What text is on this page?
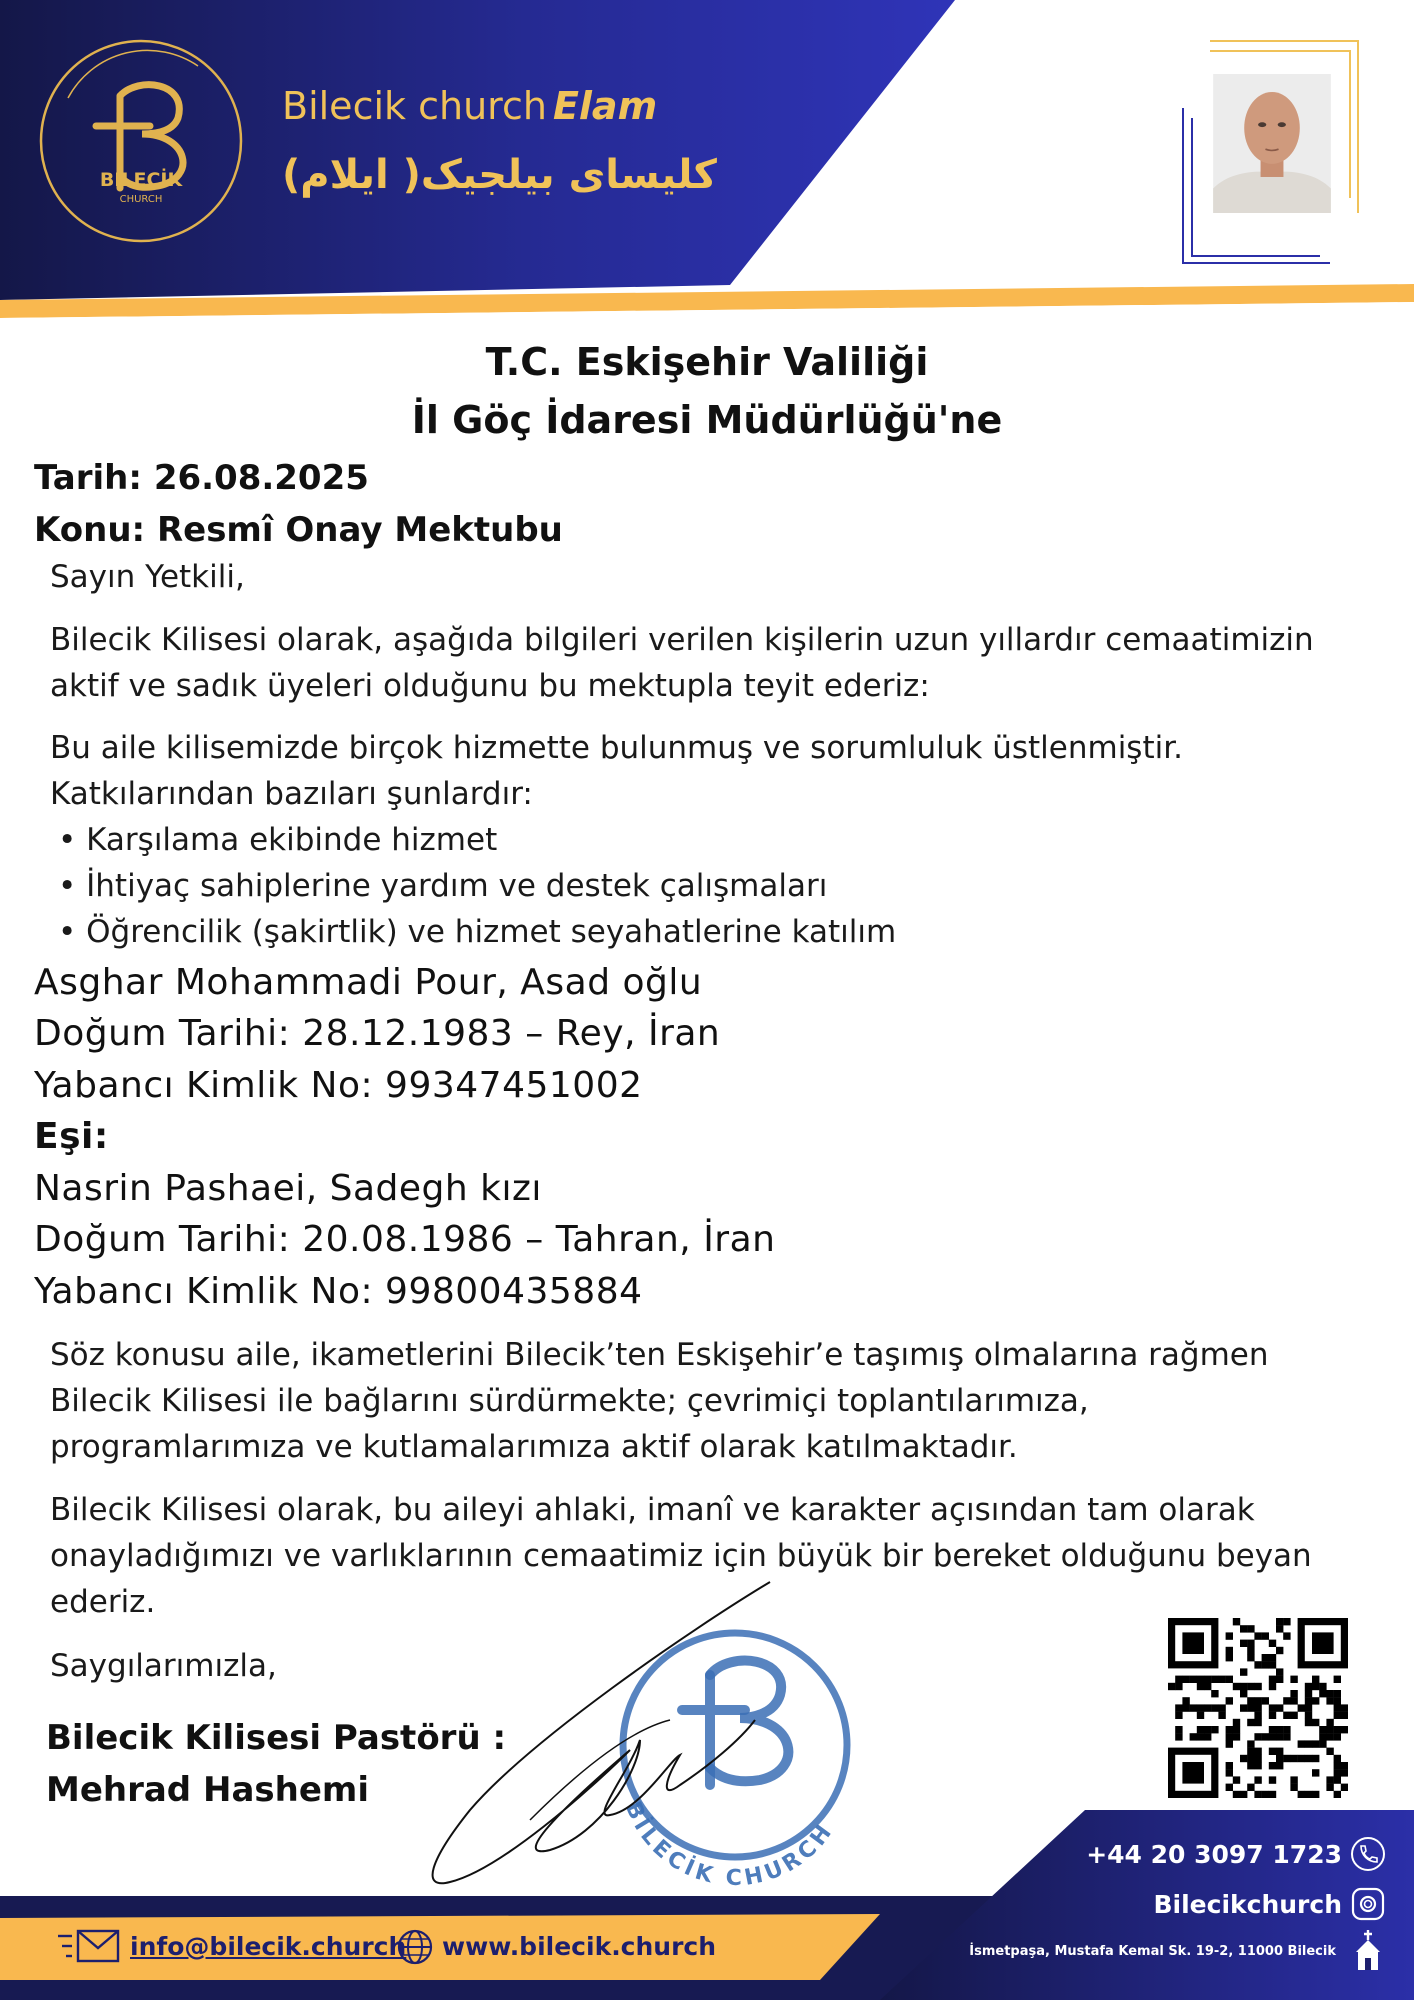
BİLECİK
CHURCH
Bilecik church Elam
کلیسای بیلجیک( ایلام)
T.C. Eskişehir Valiliği
İl Göç İdaresi Müdürlüğü'ne
Tarih: 26.08.2025
Konu: Resmî Onay Mektubu
Sayın Yetkili,

Bilecik Kilisesi olarak, aşağıda bilgileri verilen kişilerin uzun yıllardır cemaatimizin

aktif ve sadık üyeleri olduğunu bu mektupla teyit ederiz:

Bu aile kilisemizde birçok hizmette bulunmuş ve sorumluluk üstlenmiştir.

Katkılarından bazıları şunlardır:

• Karşılama ekibinde hizmet
• İhtiyaç sahiplerine yardım ve destek çalışmaları
• Öğrencilik (şakirtlik) ve hizmet seyahatlerine katılım
Asghar Mohammadi Pour, Asad oğlu
Doğum Tarihi: 28.12.1983 – Rey, İran
Yabancı Kimlik No: 99347451002
Eşi:
Nasrin Pashaei, Sadegh kızı
Doğum Tarihi: 20.08.1986 – Tahran, İran
Yabancı Kimlik No: 99800435884

Söz konusu aile, ikametlerini Bilecik’ten Eskişehir’e taşımış olmalarına rağmen

Bilecik Kilisesi ile bağlarını sürdürmekte; çevrimiçi toplantılarımıza,

programlarımıza ve kutlamalarımıza aktif olarak katılmaktadır.

Bilecik Kilisesi olarak, bu aileyi ahlaki, imanî ve karakter açısından tam olarak

onayladığımızı ve varlıklarının cemaatimiz için büyük bir bereket olduğunu beyan

ederiz.

Saygılarımızla,
Bilecik Kilisesi Pastörü :
Mehrad Hashemi
BİLECİK CHURCH
+44 20 3097 1723
Bilecikchurch
İsmetpaşa, Mustafa Kemal Sk. 19-2, 11000 Bilecik
info@bilecik.church www.bilecik.church
